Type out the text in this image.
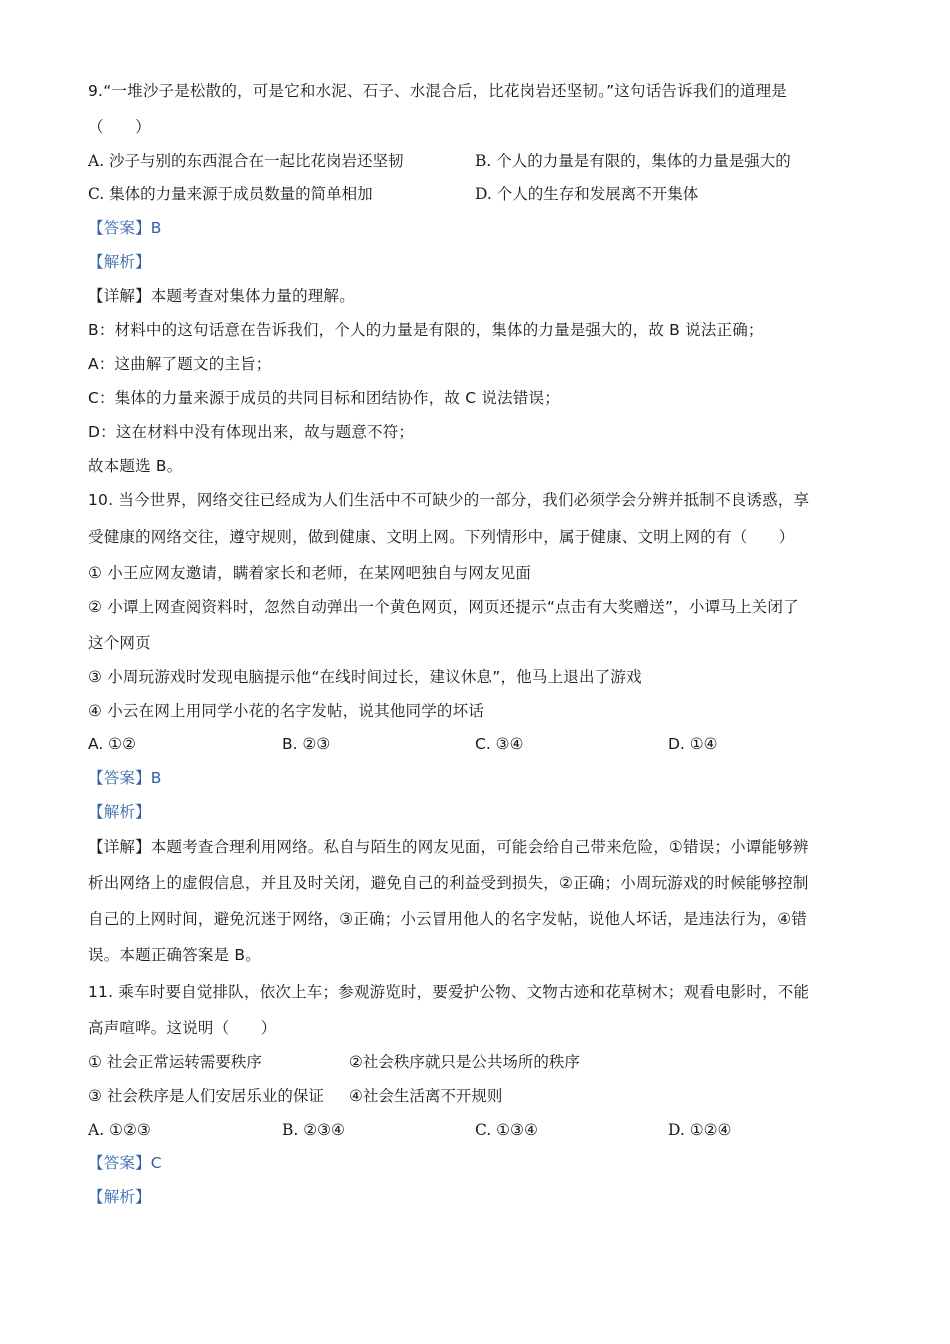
9.“一堆沙子是松散的，可是它和水泥、石子、水混合后，比花岗岩还坚韧。”这句话告诉我们的道理是
（　　）
A. 沙子与别的东西混合在一起比花岗岩还坚韧	B. 个人的力量是有限的，集体的力量是强大的
C. 集体的力量来源于成员数量的简单相加	D. 个人的生存和发展离不开集体
【答案】B
【解析】
【详解】本题考查对集体力量的理解。
B：材料中的这句话意在告诉我们，个人的力量是有限的，集体的力量是强大的，故 B 说法正确；
A：这曲解了题文的主旨；
C：集体的力量来源于成员的共同目标和团结协作，故 C 说法错误；
D：这在材料中没有体现出来，故与题意不符；
故本题选 B。
10. 当今世界，网络交往已经成为人们生活中不可缺少的一部分，我们必须学会分辨并抵制不良诱惑，享
受健康的网络交往，遵守规则，做到健康、文明上网。下列情形中，属于健康、文明上网的有（　　）
① 小王应网友邀请，瞒着家长和老师，在某网吧独自与网友见面
② 小谭上网查阅资料时，忽然自动弹出一个黄色网页，网页还提示“点击有大奖赠送”，小谭马上关闭了
这个网页
③ 小周玩游戏时发现电脑提示他“在线时间过长，建议休息”，他马上退出了游戏
④ 小云在网上用同学小花的名字发帖，说其他同学的坏话
A. ①②	B. ②③	C. ③④	D. ①④
【答案】B
【解析】
【详解】本题考查合理利用网络。私自与陌生的网友见面，可能会给自己带来危险，①错误；小谭能够辨
析出网络上的虚假信息，并且及时关闭，避免自己的利益受到损失，②正确；小周玩游戏的时候能够控制
自己的上网时间，避免沉迷于网络，③正确；小云冒用他人的名字发帖，说他人坏话，是违法行为，④错
误。本题正确答案是 B。
11. 乘车时要自觉排队，依次上车；参观游览时，要爱护公物、文物古迹和花草树木；观看电影时，不能
高声喧哗。这说明（　　）
① 社会正常运转需要秩序	②社会秩序就只是公共场所的秩序
③ 社会秩序是人们安居乐业的保证 ④社会生活离不开规则
A. ①②③	B. ②③④	C. ①③④	D. ①②④
【答案】C
【解析】
